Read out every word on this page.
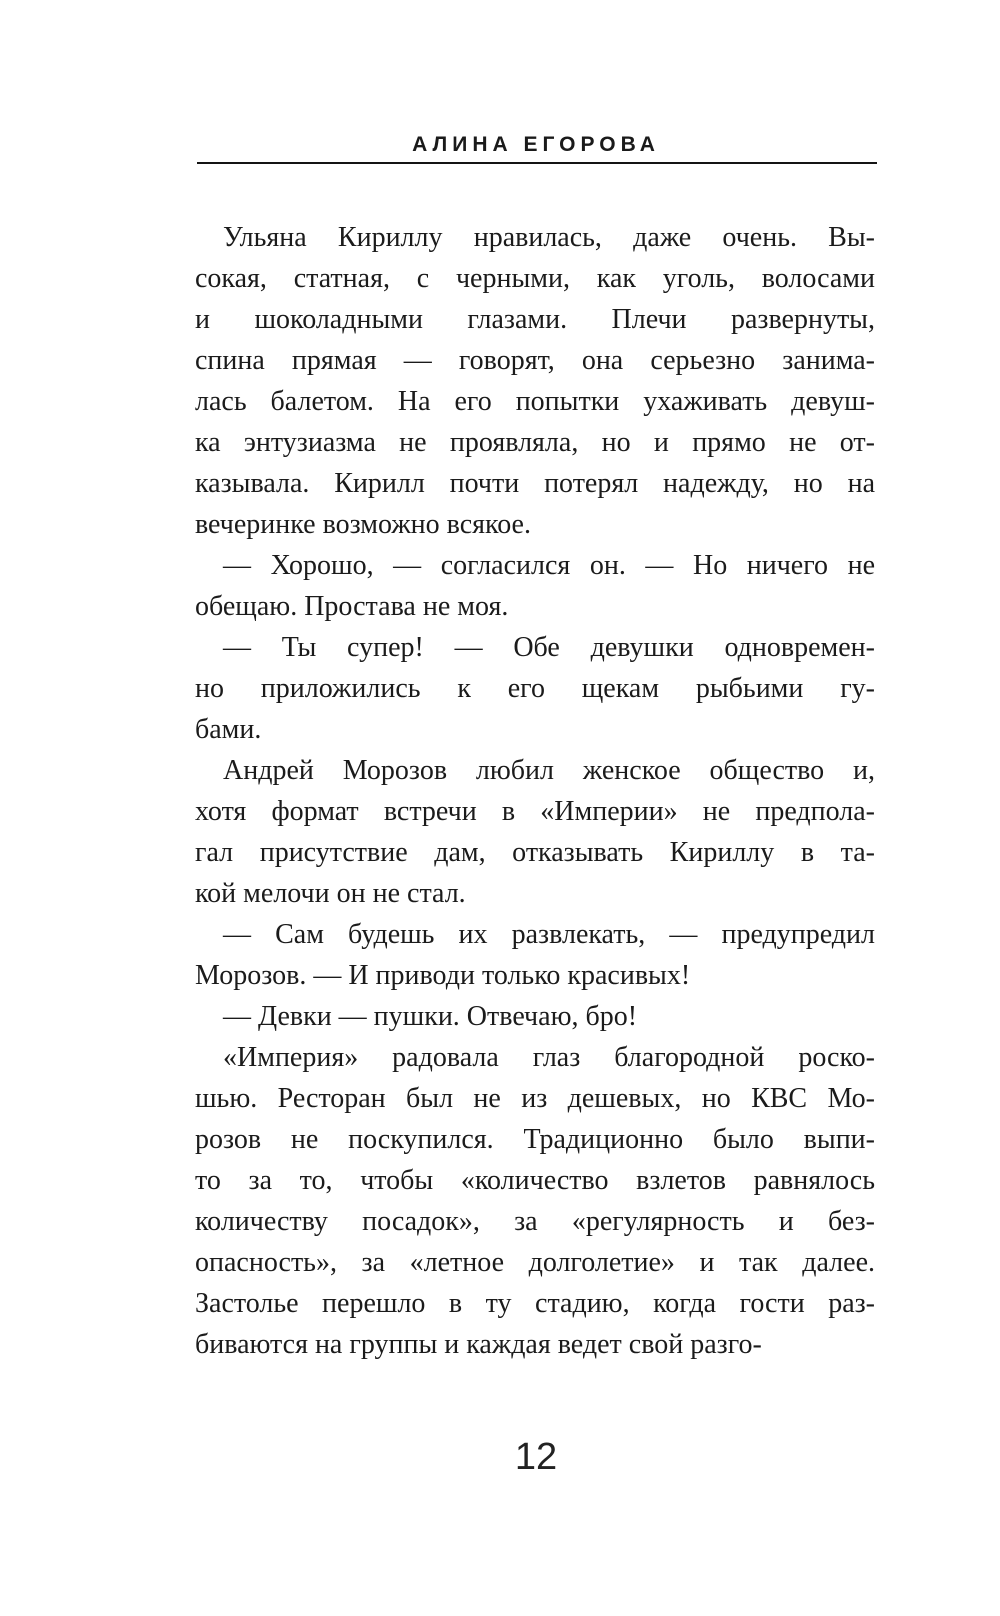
АЛИНА ЕГОРОВА
Ульяна Кириллу нравилась, даже очень. Вы-
сокая, статная, с черными, как уголь, волосами
и шоколадными глазами. Плечи развернуты,
спина прямая — говорят, она серьезно занима-
лась балетом. На его попытки ухаживать девуш-
ка энтузиазма не проявляла, но и прямо не от-
казывала. Кирилл почти потерял надежду, но на
вечеринке возможно всякое.
— Хорошо, — согласился он. — Но ничего не
обещаю. Простава не моя.
— Ты супер! — Обе девушки одновремен-
но приложились к его щекам рыбьими гу-
бами.
Андрей Морозов любил женское общество и,
хотя формат встречи в «Империи» не предпола-
гал присутствие дам, отказывать Кириллу в та-
кой мелочи он не стал.
— Сам будешь их развлекать, — предупредил
Морозов. — И приводи только красивых!
— Девки — пушки. Отвечаю, бро!
«Империя» радовала глаз благородной роско-
шью. Ресторан был не из дешевых, но КВС Мо-
розов не поскупился. Традиционно было выпи-
то за то, чтобы «количество взлетов равнялось
количеству посадок», за «регулярность и без-
опасность», за «летное долголетие» и так далее.
Застолье перешло в ту стадию, когда гости раз-
биваются на группы и каждая ведет свой разго-
12
